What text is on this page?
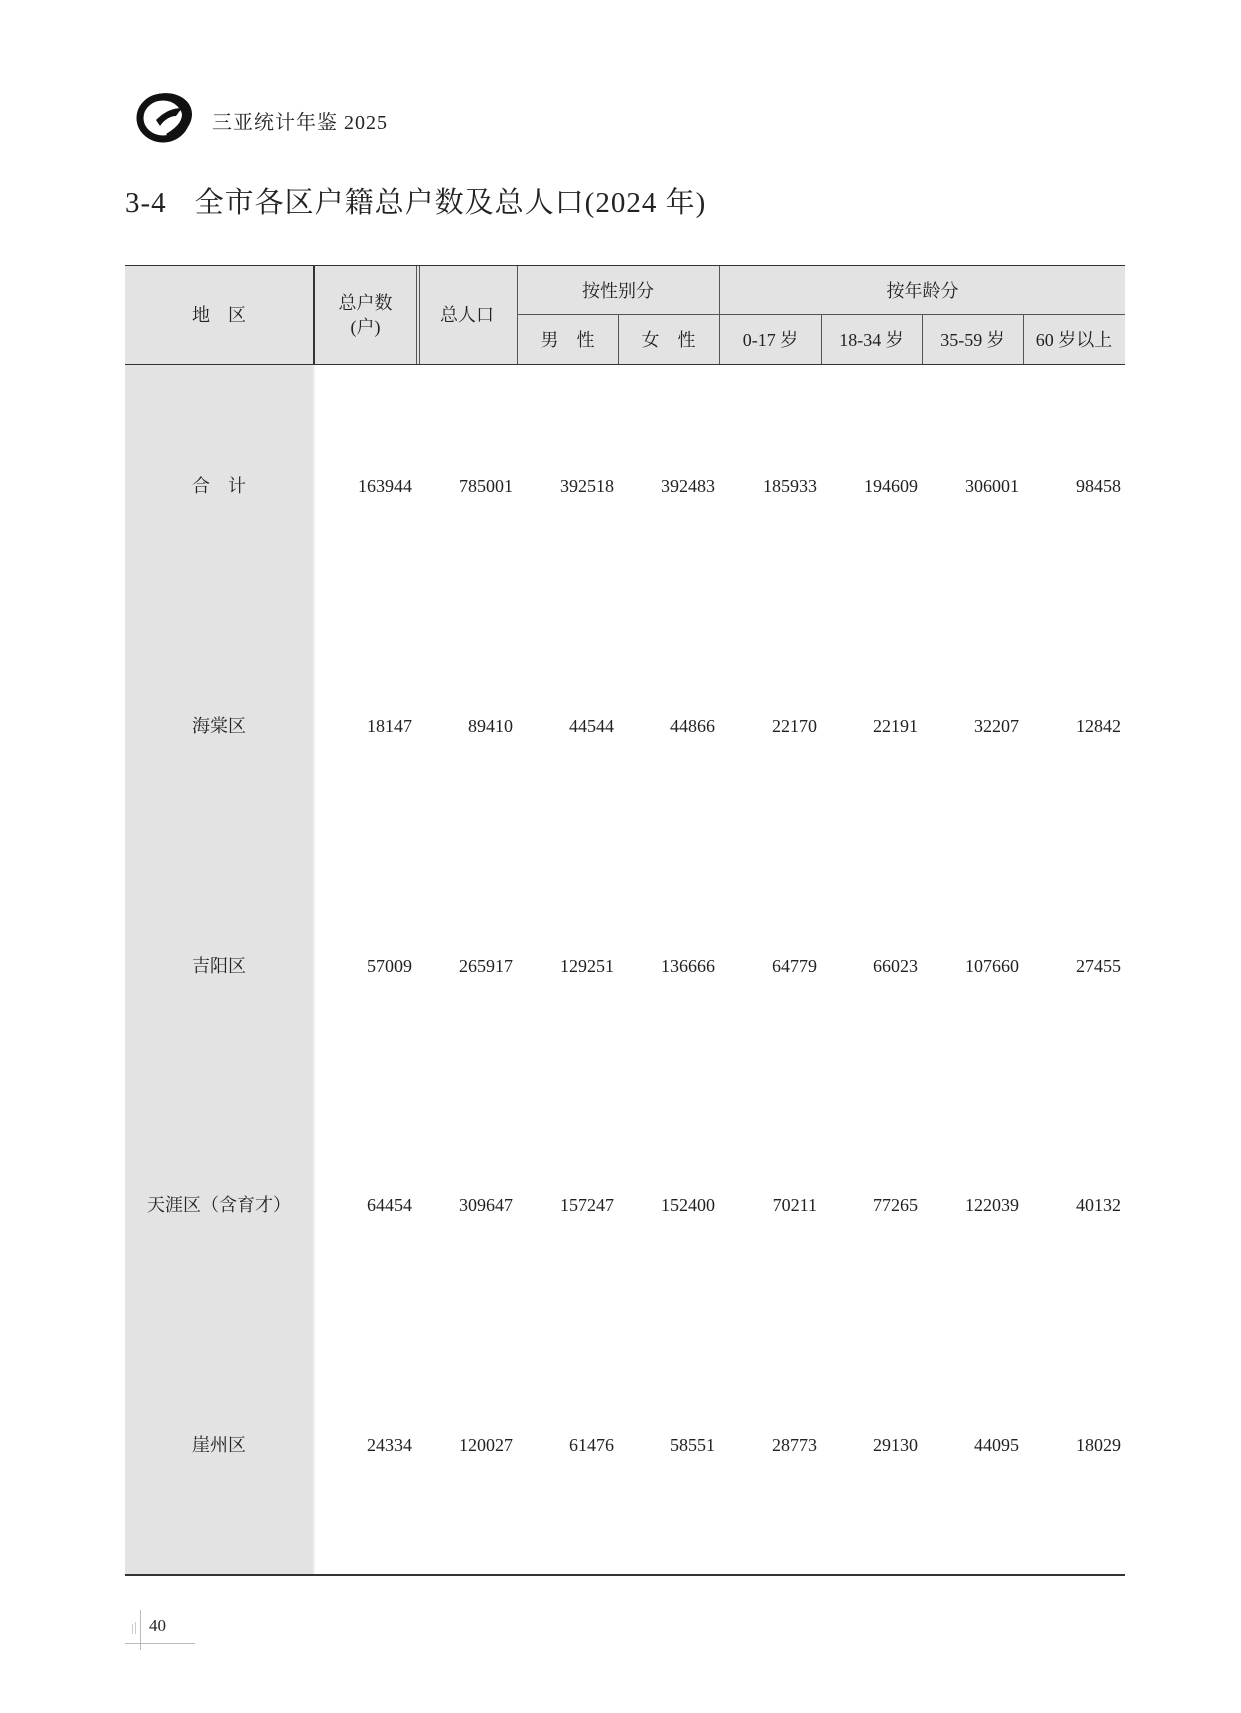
三亚统计年鉴 2025
3-4 全市各区户籍总户数及总人口(2024 年)
地　区
总户数
(户)
总人口
按性别分
男　性	女　性
按年龄分
0-17 岁	18-34 岁	35-59 岁	60 岁以上
合　计	163944	785001	392518	392483	185933	194609	306001	98458
海棠区	18147	89410	44544	44866	22170	22191	32207	12842
吉阳区	57009	265917	129251	136666	64779	66023	107660	27455
天涯区（含育才）	64454	309647	157247	152400	70211	77265	122039	40132
崖州区	24334	120027	61476	58551	28773	29130	44095	18029
40
